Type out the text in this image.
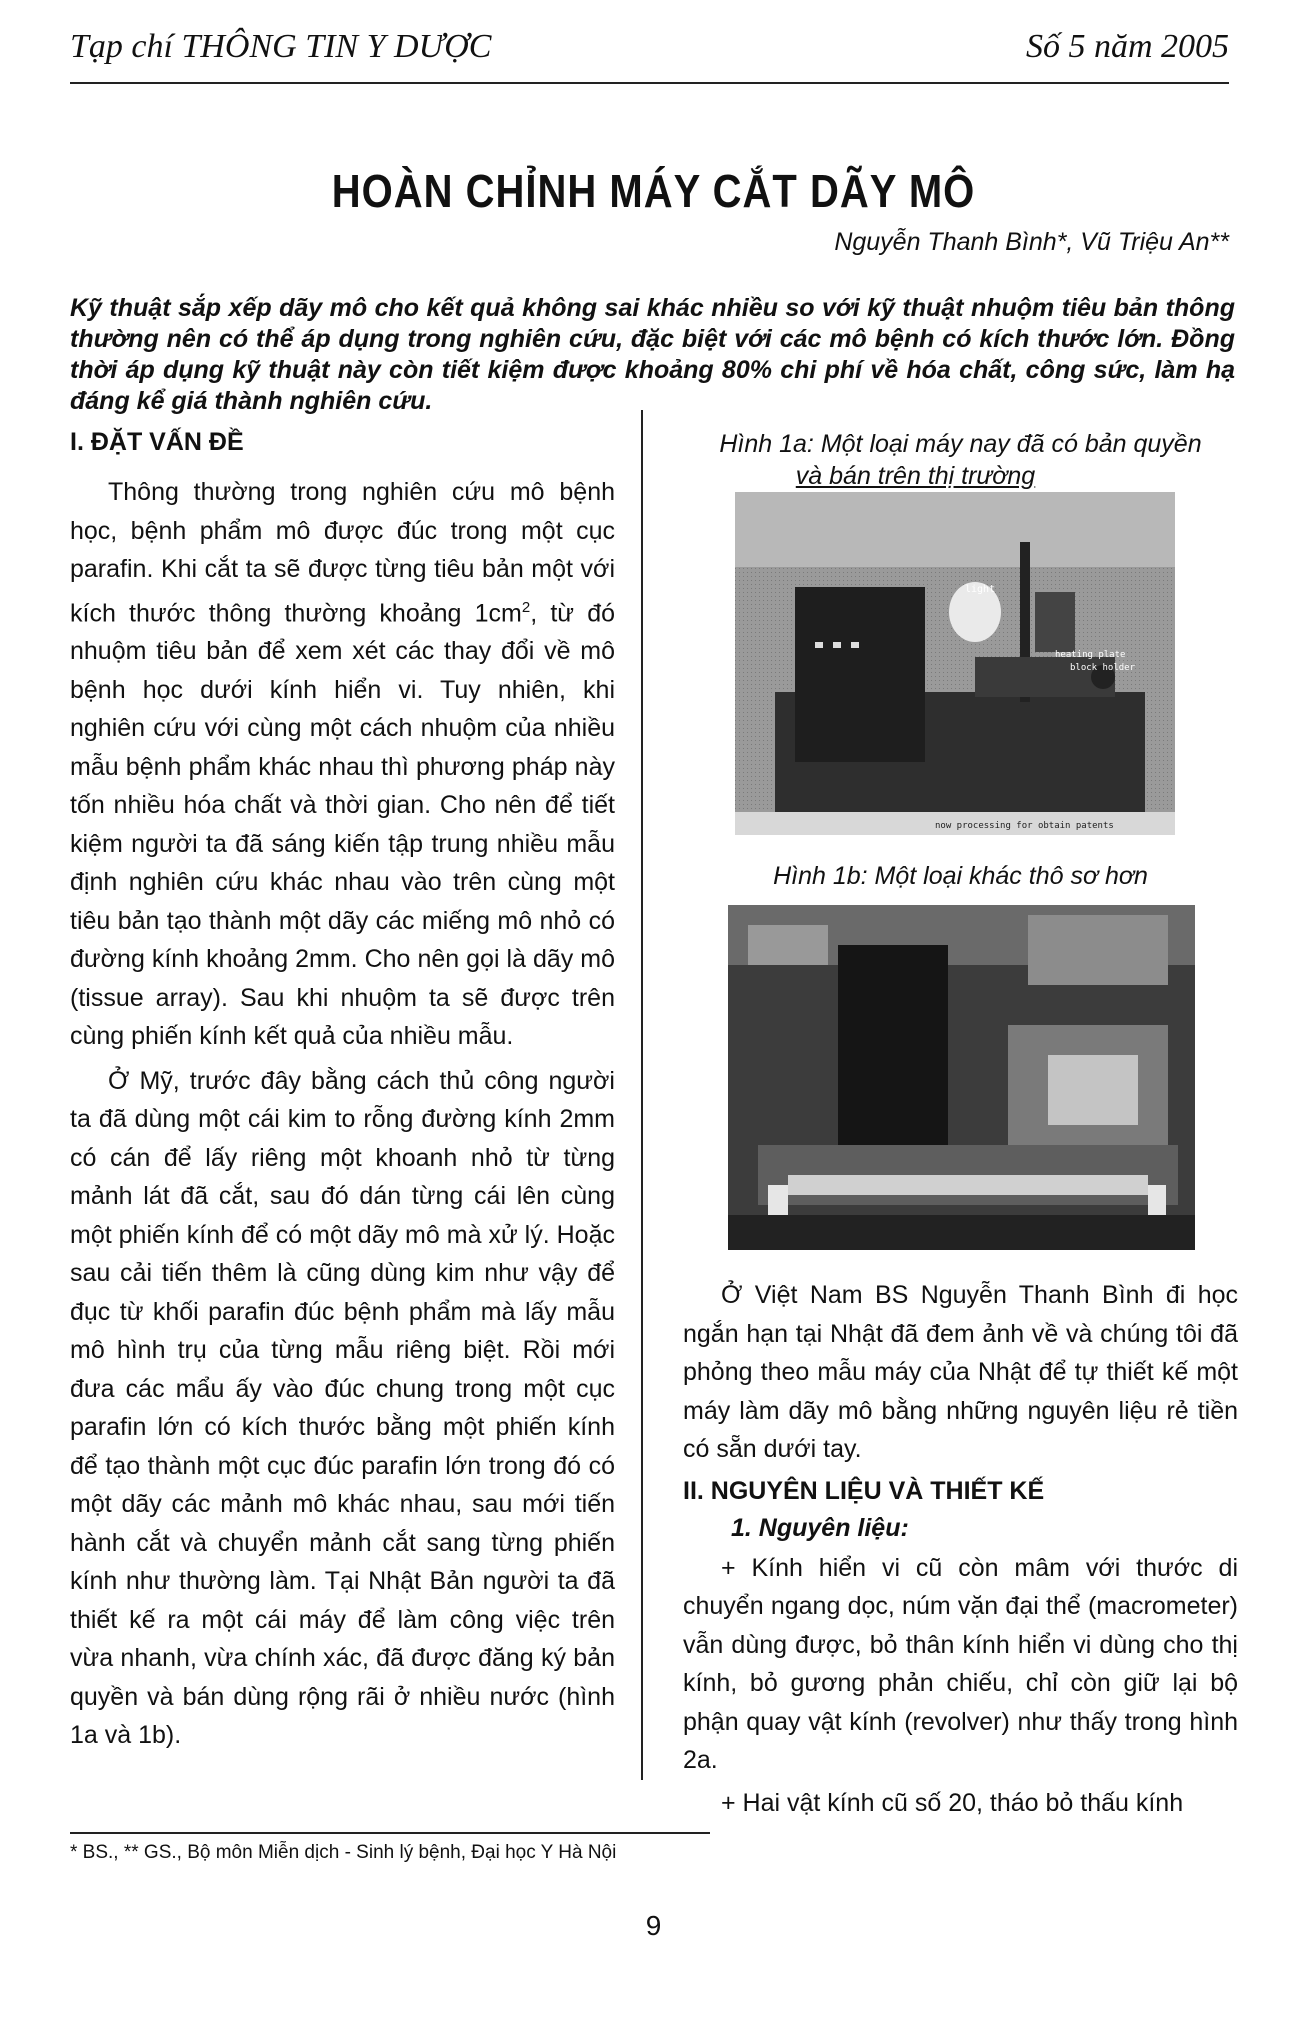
Tạp chí THÔNG TIN Y DƯỢC	Số 5 năm 2005
HOÀN CHỈNH MÁY CẮT DÃY MÔ
Nguyễn Thanh Bình*, Vũ Triệu An**

Kỹ thuật sắp xếp dãy mô cho kết quả không sai khác nhiều so với kỹ thuật nhuộm tiêu bản thông thường nên có thể áp dụng trong nghiên cứu, đặc biệt với các mô bệnh có kích thước lớn. Đồng thời áp dụng kỹ thuật này còn tiết kiệm được khoảng 80% chi phí về hóa chất, công sức, làm hạ đáng kể giá thành nghiên cứu.

I. ĐẶT VẤN ĐỀ

Thông thường trong nghiên cứu mô bệnh học, bệnh phẩm mô được đúc trong một cục parafin. Khi cắt ta sẽ được từng tiêu bản một với kích thước thông thường khoảng $1cm^2$, từ đó nhuộm tiêu bản để xem xét các thay đổi về mô bệnh học dưới kính hiển vi. Tuy nhiên, khi nghiên cứu với cùng một cách nhuộm của nhiều mẫu bệnh phẩm khác nhau thì phương pháp này tốn nhiều hóa chất và thời gian. Cho nên để tiết kiệm người ta đã sáng kiến tập trung nhiều mẫu định nghiên cứu khác nhau vào trên cùng một tiêu bản tạo thành một dãy các miếng mô nhỏ có đường kính khoảng 2mm. Cho nên gọi là dãy mô (tissue array). Sau khi nhuộm ta sẽ được trên cùng phiến kính kết quả của nhiều mẫu.

Ở Mỹ, trước đây bằng cách thủ công người ta đã dùng một cái kim to rỗng đường kính 2mm có cán để lấy riêng một khoanh nhỏ từ từng mảnh lát đã cắt, sau đó dán từng cái lên cùng một phiến kính để có một dãy mô mà xử lý. Hoặc sau cải tiến thêm là cũng dùng kim như vậy để đục từ khối parafin đúc bệnh phẩm mà lấy mẫu mô hình trụ của từng mẫu riêng biệt. Rồi mới đưa các mẩu ấy vào đúc chung trong một cục parafin lớn có kích thước bằng một phiến kính để tạo thành một cục đúc parafin lớn trong đó có một dãy các mảnh mô khác nhau, sau mới tiến hành cắt và chuyển mảnh cắt sang từng phiến kính như thường làm. Tại Nhật Bản người ta đã thiết kế ra một cái máy để làm công việc trên vừa nhanh, vừa chính xác, đã được đăng ký bản quyền và bán dùng rộng rãi ở nhiều nước (hình 1a và 1b).

Hình 1a: Một loại máy nay đã có bản quyền

và bán trên thị trường

light
heating plate
block holder
now processing for obtain patents

Hình 1b: Một loại khác thô sơ hơn

Ở Việt Nam BS Nguyễn Thanh Bình đi học ngắn hạn tại Nhật đã đem ảnh về và chúng tôi đã phỏng theo mẫu máy của Nhật để tự thiết kế một máy làm dãy mô bằng những nguyên liệu rẻ tiền có sẵn dưới tay.

II. NGUYÊN LIỆU VÀ THIẾT KẾ
1. Nguyên liệu:

+ Kính hiển vi cũ còn mâm với thước di chuyển ngang dọc, núm vặn đại thể (macrometer) vẫn dùng được, bỏ thân kính hiển vi dùng cho thị kính, bỏ gương phản chiếu, chỉ còn giữ lại bộ phận quay vật kính (revolver) như thấy trong hình 2a.

+ Hai vật kính cũ số 20, tháo bỏ thấu kính

* BS., ** GS., Bộ môn Miễn dịch - Sinh lý bệnh, Đại học Y Hà Nội
9
